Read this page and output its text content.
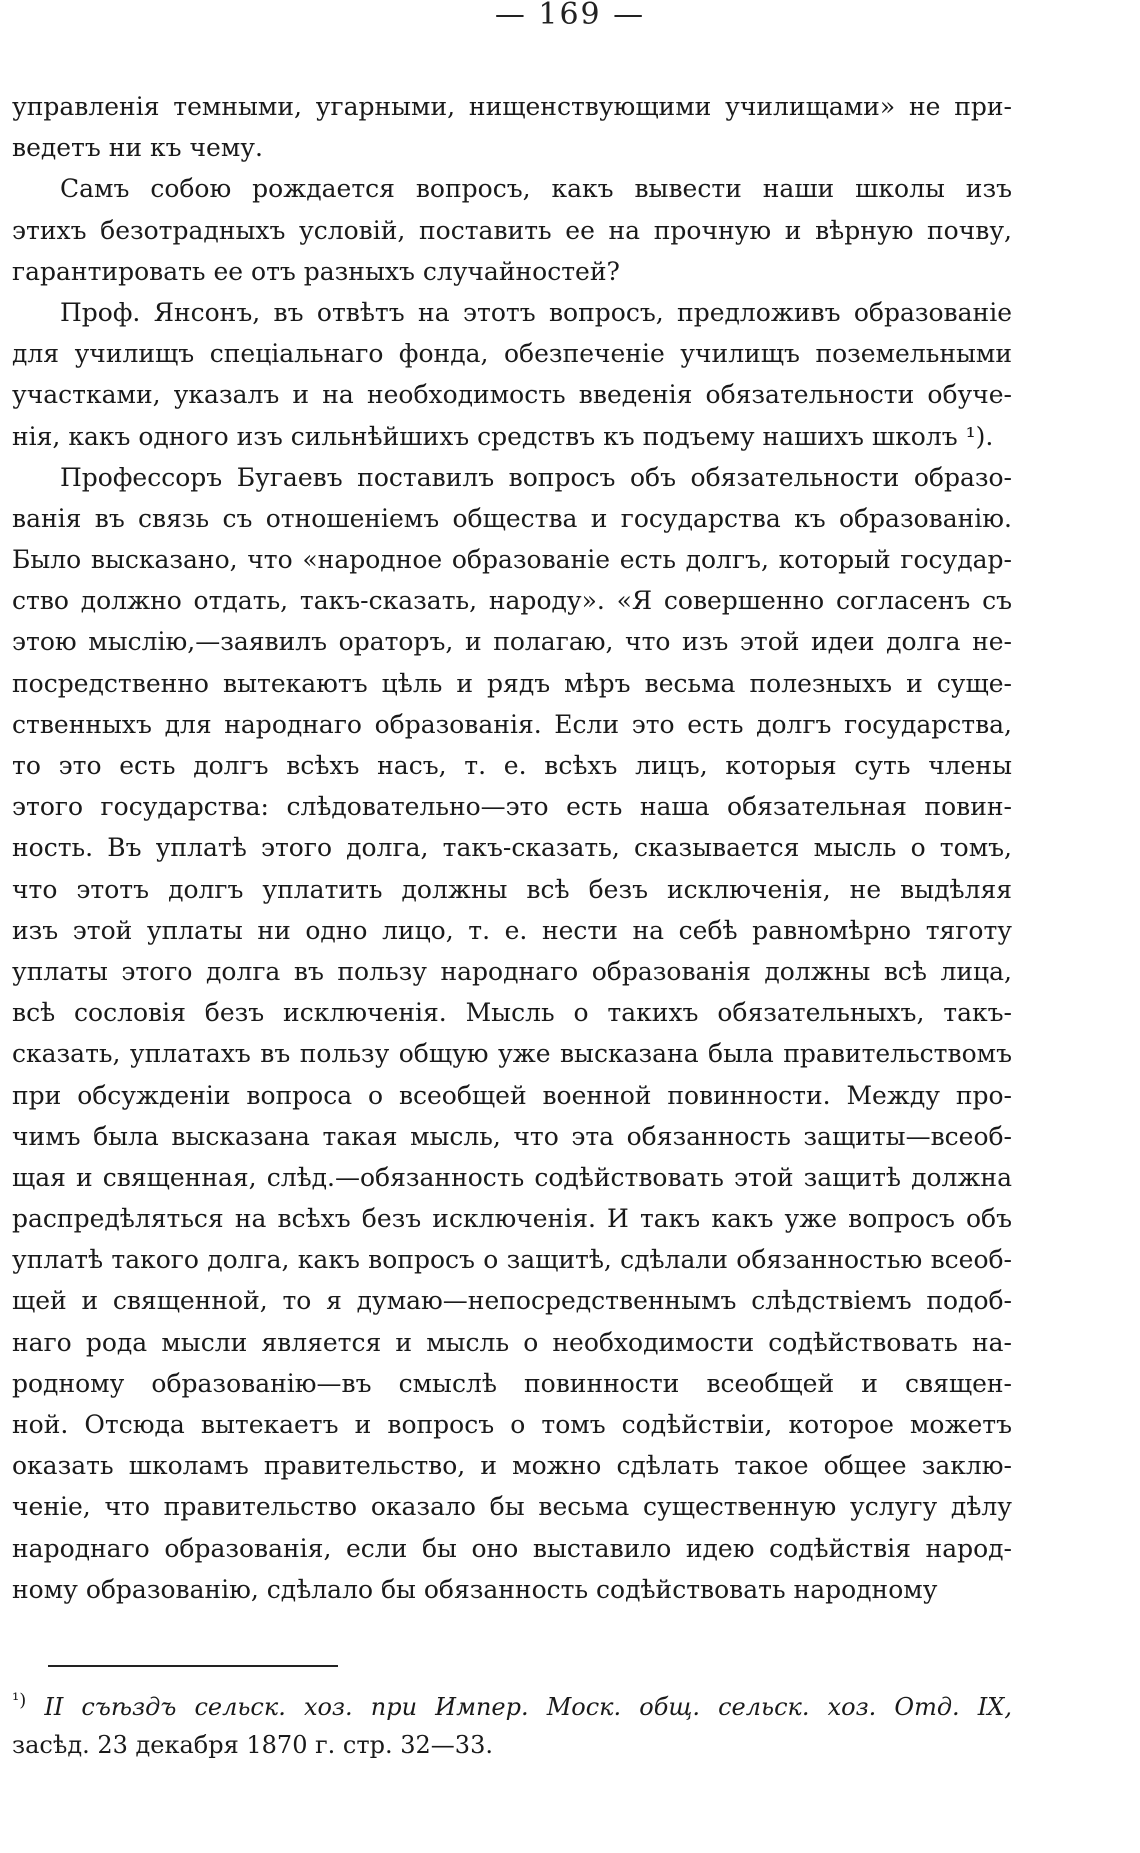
— 169 —
управленія темными, угарными, нищенствующими училищами» не при-
ведетъ ни къ чему.
Самъ собою рождается вопросъ, какъ вывести наши школы изъ
этихъ безотрадныхъ условій, поставить ее на прочную и вѣрную почву,
гарантировать ее отъ разныхъ случайностей?
Проф. Янсонъ, въ отвѣтъ на этотъ вопросъ, предложивъ образованіе
для училищъ спеціальнаго фонда, обезпеченіе училищъ поземельными
участками, указалъ и на необходимость введенія обязательности обуче-
нія, какъ одного изъ сильнѣйшихъ средствъ къ подъему нашихъ школъ ¹).
Профессоръ Бугаевъ поставилъ вопросъ объ обязательности образо-
ванія въ связь съ отношеніемъ общества и государства къ образованію.
Было высказано, что «народное образованіе есть долгъ, который государ-
ство должно отдать, такъ-сказать, народу». «Я совершенно согласенъ съ
этою мыслію,—заявилъ ораторъ, и полагаю, что изъ этой идеи долга не-
посредственно вытекаютъ цѣль и рядъ мѣръ весьма полезныхъ и суще-
ственныхъ для народнаго образованія. Если это есть долгъ государства,
то это есть долгъ всѣхъ насъ, т. е. всѣхъ лицъ, которыя суть члены
этого государства: слѣдовательно—это есть наша обязательная повин-
ность. Въ уплатѣ этого долга, такъ-сказать, сказывается мысль о томъ,
что этотъ долгъ уплатить должны всѣ безъ исключенія, не выдѣляя
изъ этой уплаты ни одно лицо, т. е. нести на себѣ равномѣрно тяготу
уплаты этого долга въ пользу народнаго образованія должны всѣ лица,
всѣ сословія безъ исключенія. Мысль о такихъ обязательныхъ, такъ-
сказать, уплатахъ въ пользу общую уже высказана была правительствомъ
при обсужденіи вопроса о всеобщей военной повинности. Между про-
чимъ была высказана такая мысль, что эта обязанность защиты—всеоб-
щая и священная, слѣд.—обязанность содѣйствовать этой защитѣ должна
распредѣляться на всѣхъ безъ исключенія. И такъ какъ уже вопросъ объ
уплатѣ такого долга, какъ вопросъ о защитѣ, сдѣлали обязанностью всеоб-
щей и священной, то я думаю—непосредственнымъ слѣдствіемъ подоб-
наго рода мысли является и мысль о необходимости содѣйствовать на-
родному образованію—въ смыслѣ повинности всеобщей и священ-
ной. Отсюда вытекаетъ и вопросъ о томъ содѣйствіи, которое можетъ
оказать школамъ правительство, и можно сдѣлать такое общее заклю-
ченіе, что правительство оказало бы весьма существенную услугу дѣлу
народнаго образованія, если бы оно выставило идею содѣйствія народ-
ному образованію, сдѣлало бы обязанность содѣйствовать народному
$^{^1)}$ II съѣздъ сельск. хоз. при Импер. Моск. общ. сельск. хоз. Отд. IX,
засѣд. 23 декабря 1870 г. стр. 32—33.
